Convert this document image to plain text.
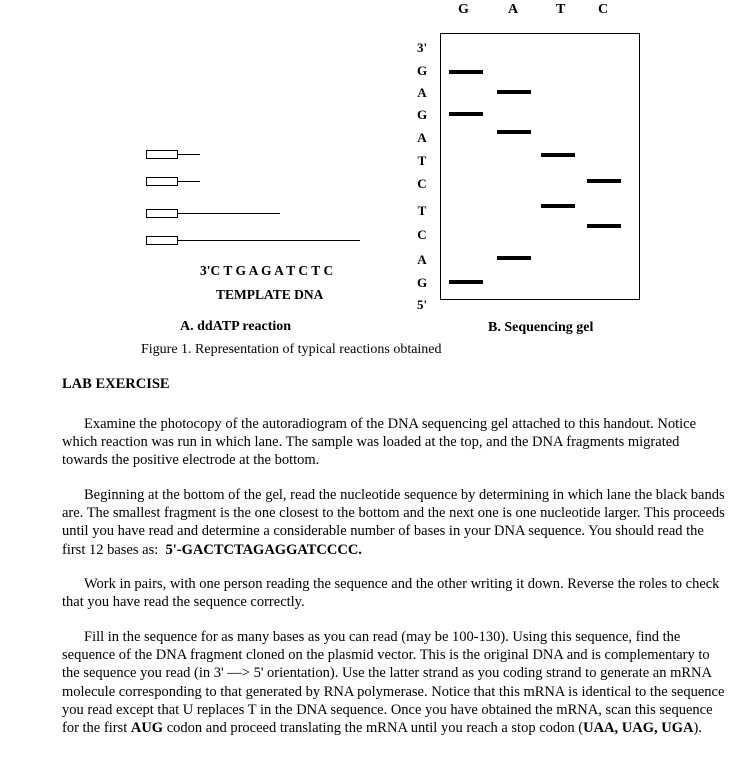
G	A	T C
3'
G
A
G
A
T
C
T
C
A
G
5'
3'C T G A G A T C T C
TEMPLATE DNA
A. ddATP reaction	B. Sequencing gel
Figure 1. Representation of typical reactions obtained
LAB EXERCISE

Examine the photocopy of the autoradiogram of the DNA sequencing gel attached to this handout. Notice which reaction was run in which lane. The sample was loaded at the top, and the DNA fragments migrated towards the positive electrode at the bottom.

Beginning at the bottom of the gel, read the nucleotide sequence by determining in which lane the black bands are. The smallest fragment is the one closest to the bottom and the next one is one nucleotide larger. This proceeds until you have read and determine a considerable number of bases in your DNA sequence. You should read the first 12 bases as: 5'-GACTCTAGAGGATCCCC.

Work in pairs, with one person reading the sequence and the other writing it down. Reverse the roles to check that you have read the sequence correctly.

Fill in the sequence for as many bases as you can read (may be 100-130). Using this sequence, find the sequence of the DNA fragment cloned on the plasmid vector. This is the original DNA and is complementary to the sequence you read (in 3' —> 5' orientation). Use the latter strand as you coding strand to generate an mRNA molecule corresponding to that generated by RNA polymerase. Notice that this mRNA is identical to the sequence you read except that U replaces T in the DNA sequence. Once you have obtained the mRNA, scan this sequence for the first AUG codon and proceed translating the mRNA until you reach a stop codon (UAA, UAG, UGA).
